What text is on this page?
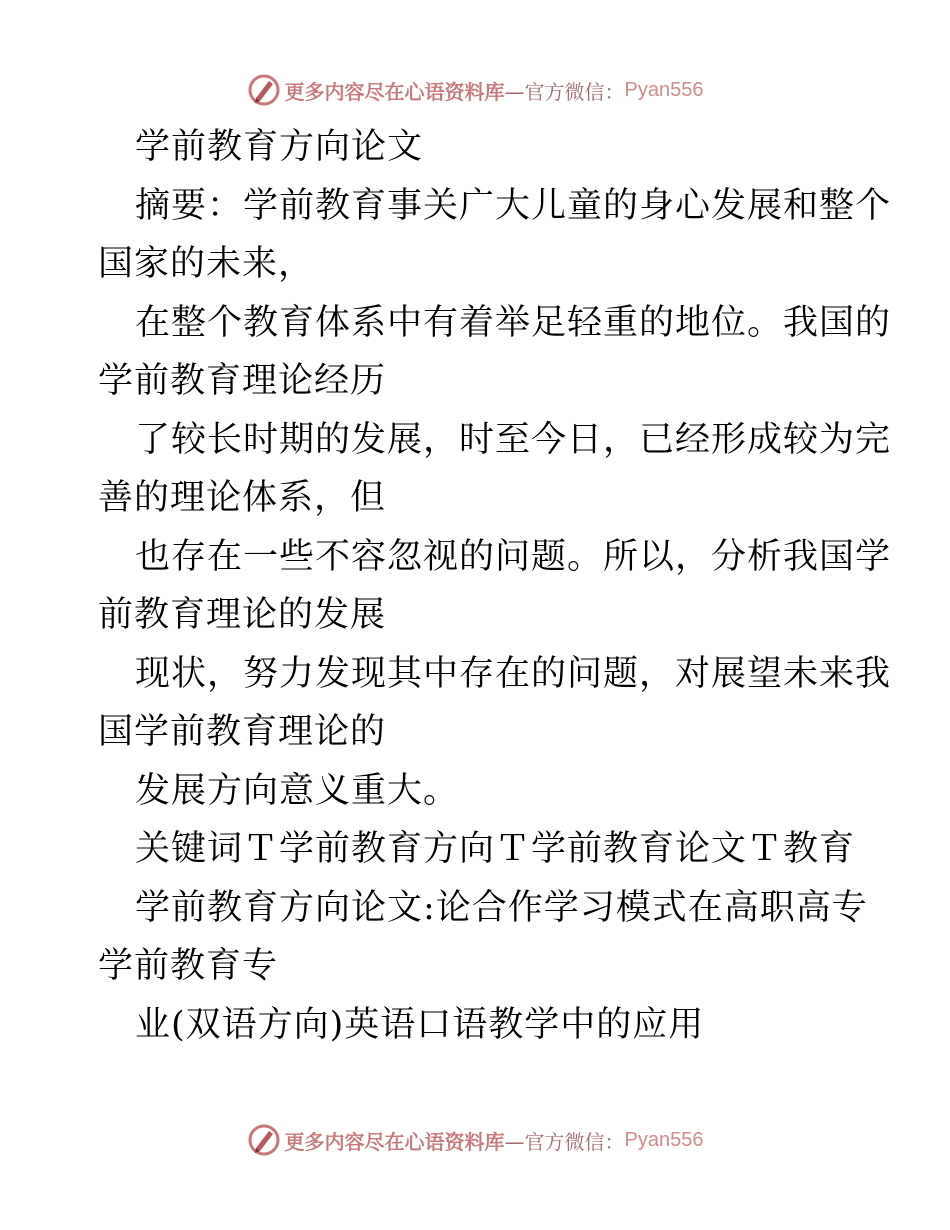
更多内容尽在心语资料库 —官方微信： Pyan556
学前教育方向论文
摘要：学前教育事关广大儿童的身心发展和整个
国家的未来，
在整个教育体系中有着举足轻重的地位。我国的
学前教育理论经历
了较长时期的发展，时至今日，已经形成较为完
善的理论体系，但
也存在一些不容忽视的问题。所以，分析我国学
前教育理论的发展
现状，努力发现其中存在的问题，对展望未来我
国学前教育理论的
发展方向意义重大。
关键词Ｔ学前教育方向Ｔ学前教育论文Ｔ教育
学前教育方向论文:论合作学习模式在高职高专
学前教育专
业(双语方向)英语口语教学中的应用
更多内容尽在心语资料库 —官方微信： Pyan556
